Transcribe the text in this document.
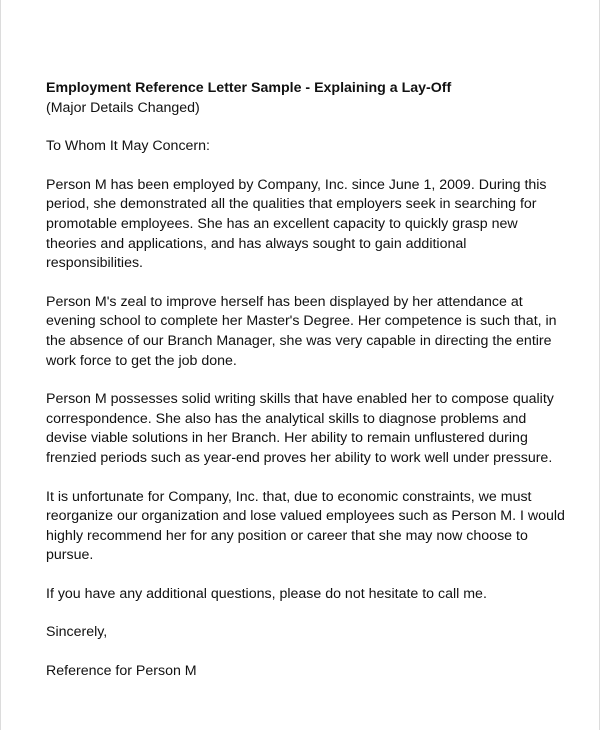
Employment Reference Letter Sample - Explaining a Lay-Off

(Major Details Changed)

To Whom It May Concern:

Person M has been employed by Company, Inc. since June 1, 2009. During this period, she demonstrated all the qualities that employers seek in searching for promotable employees. She has an excellent capacity to quickly grasp new theories and applications, and has always sought to gain additional responsibilities.

Person M's zeal to improve herself has been displayed by her attendance at evening school to complete her Master's Degree. Her competence is such that, in the absence of our Branch Manager, she was very capable in directing the entire work force to get the job done.

Person M possesses solid writing skills that have enabled her to compose quality correspondence. She also has the analytical skills to diagnose problems and devise viable solutions in her Branch. Her ability to remain unflustered during frenzied periods such as year-end proves her ability to work well under pressure.

It is unfortunate for Company, Inc. that, due to economic constraints, we must reorganize our organization and lose valued employees such as Person M. I would highly recommend her for any position or career that she may now choose to pursue.

If you have any additional questions, please do not hesitate to call me.

Sincerely,

Reference for Person M
